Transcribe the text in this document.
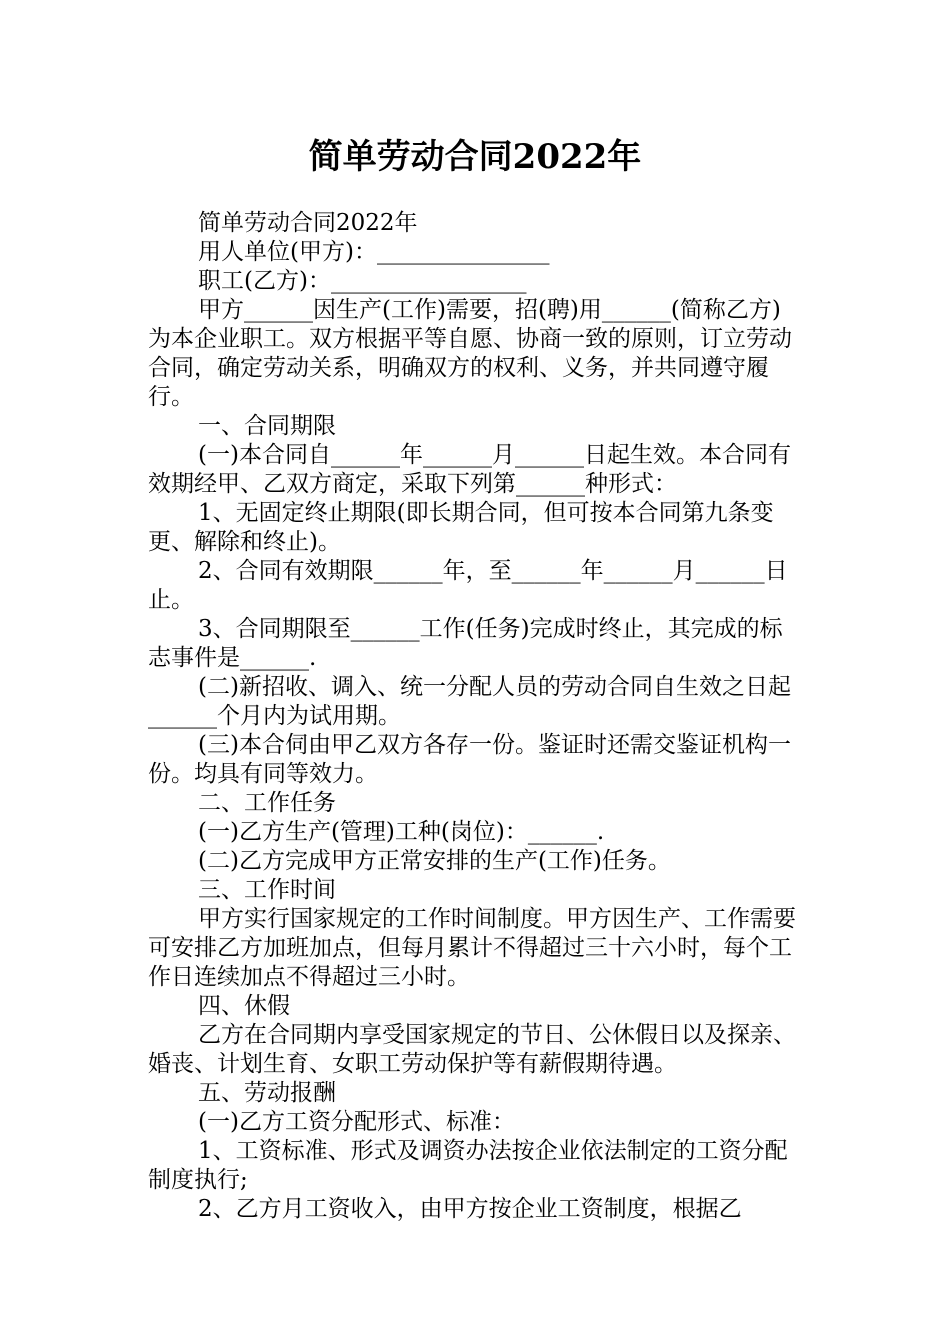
简单劳动合同2022年

简单劳动合同2022年

用人单位(甲方)：_______________

职工(乙方)：_________________

甲方______因生产(工作)需要，招(聘)用______(简称乙方)为本企业职工。双方根据平等自愿、协商一致的原则，订立劳动合同，确定劳动关系，明确双方的权利、义务，并共同遵守履行。

一、合同期限

(一)本合同自______年______月______日起生效。本合同有效期经甲、乙双方商定，采取下列第______种形式：

1、无固定终止期限(即长期合同，但可按本合同第九条变更、解除和终止)。

2、合同有效期限______年，至______年______月______日止。

3、合同期限至______工作(任务)完成时终止，其完成的标志事件是______.

(二)新招收、调入、统一分配人员的劳动合同自生效之日起______个月内为试用期。

(三)本合伺由甲乙双方各存一份。鉴证时还需交鉴证机构一份。均具有同等效力。

二、工作任务

(一)乙方生产(管理)工种(岗位)：______.

(二)乙方完成甲方正常安排的生产(工作)任务。

三、工作时间

甲方实行国家规定的工作时间制度。甲方因生产、工作需要可安排乙方加班加点，但每月累计不得超过三十六小时，每个工作日连续加点不得超过三小时。

四、休假

乙方在合同期内享受国家规定的节日、公休假日以及探亲、婚丧、计划生育、女职工劳动保护等有薪假期待遇。

五、劳动报酬

(一)乙方工资分配形式、标准：

1、工资标准、形式及调资办法按企业依法制定的工资分配制度执行;

2、乙方月工资收入，由甲方按企业工资制度，根据乙
